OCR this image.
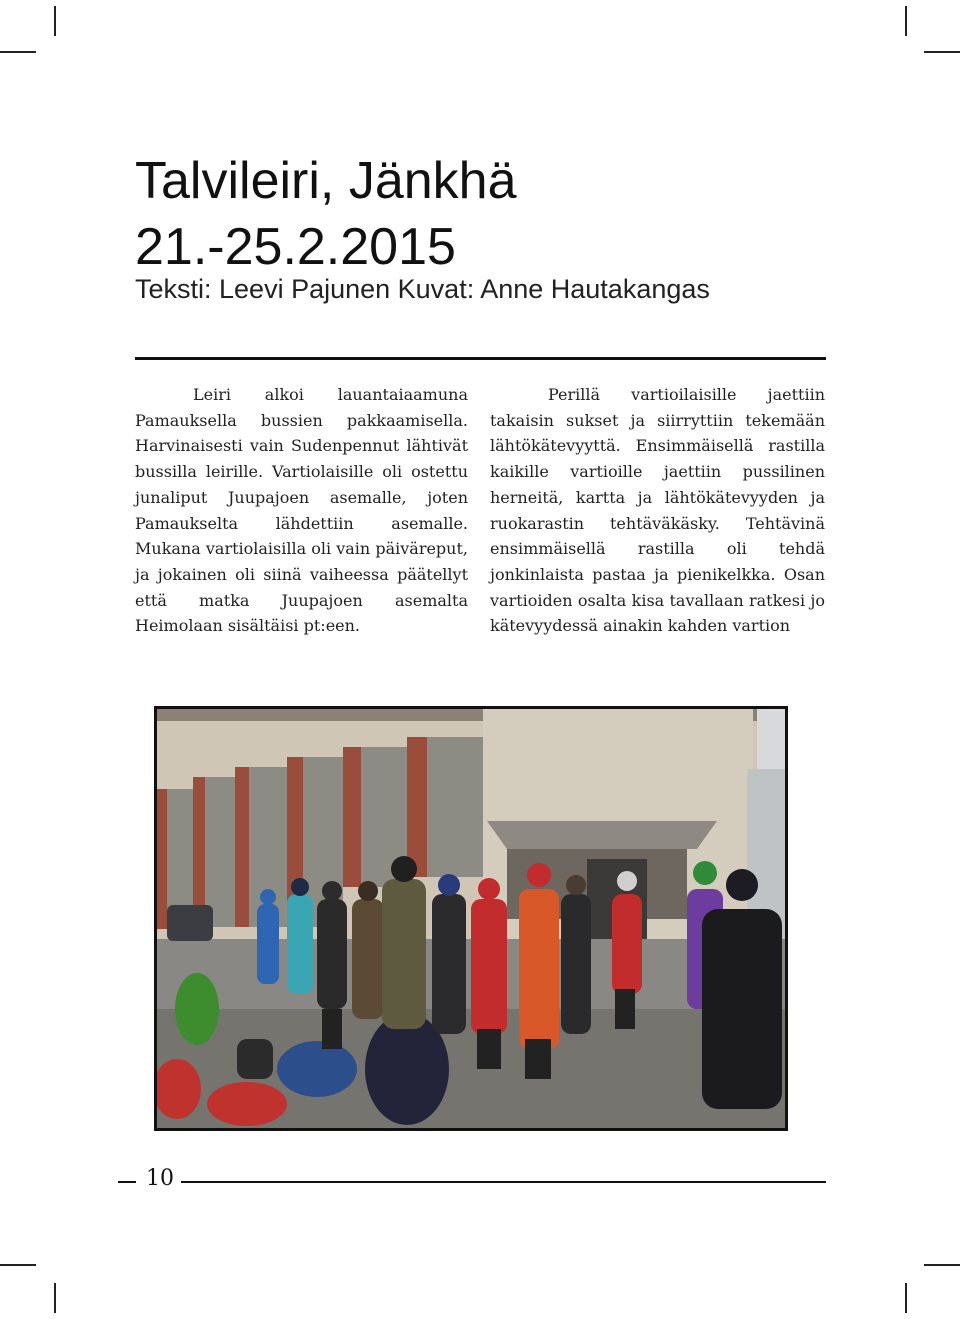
Talvileiri, Jänkhä 21.-25.2.2015
Teksti: Leevi Pajunen Kuvat: Anne Hautakangas

Leiri alkoi lauantaiaamuna Pamauksella bussien pakkaamisella. Harvinaisesti vain Sudenpennut lähtivät bussilla leirille. Vartiolaisille oli ostettu junaliput Juupajoen asemalle, joten Pamaukselta lähdettiin asemalle. Mukana vartiolaisilla oli vain päiväreput, ja jokainen oli siinä vaiheessa päätellyt että matka Juupajoen asemalta Heimolaan sisältäisi pt:een.

Perillä vartioilaisille jaettiin takaisin sukset ja siirryttiin tekemään lähtökätevyyttä. Ensimmäisellä rastilla kaikille vartioille jaettiin pussilinen herneitä, kartta ja lähtökätevyyden ja ruokarastin tehtäväkäsky. Tehtävinä ensimmäisellä rastilla oli tehdä jonkinlaista pastaa ja pienikelkka. Osan vartioiden osalta kisa tavallaan ratkesi jo kätevyydessä ainakin kahden vartion

10
